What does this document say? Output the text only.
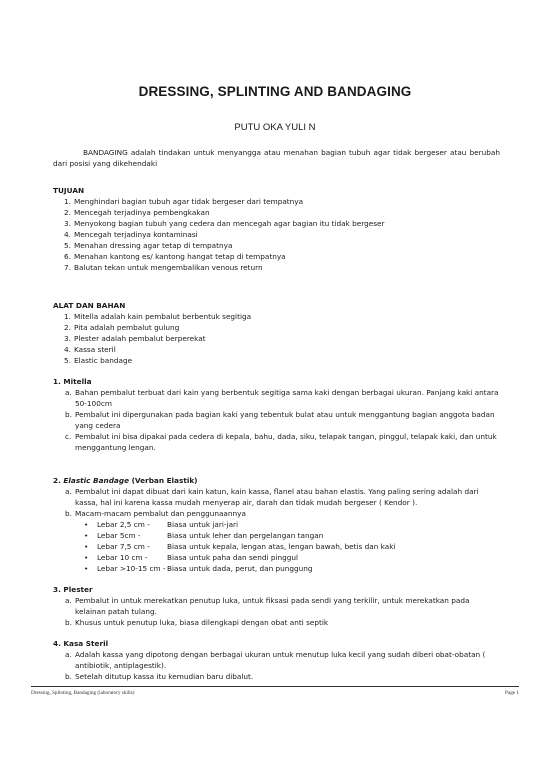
DRESSING, SPLINTING AND BANDAGING
PUTU OKA YULI N

BANDAGING adalah tindakan untuk menyangga atau menahan bagian tubuh agar tidak bergeser atau berubah dari posisi yang dikehendaki

TUJUAN

1. Menghindari bagian tubuh agar tidak bergeser dari tempatnya
2. Mencegah terjadinya pembengkakan
3. Menyokong bagian tubuh yang cedera dan mencegah agar bagian itu tidak bergeser
4. Mencegah terjadinya kontaminasi
5. Menahan dressing agar tetap di tempatnya
6. Menahan kantong es/ kantong hangat tetap di tempatnya
7. Balutan tekan untuk mengembalikan venous return

ALAT DAN BAHAN

1. Mitella adalah kain pembalut berbentuk segitiga
2. Pita adalah pembalut gulung
3. Plester adalah pembalut berperekat
4. Kassa steril
5. Elastic bandage

1. Mitella

a. Bahan pembalut terbuat dari kain yang berbentuk segitiga sama kaki dengan berbagai ukuran. Panjang kaki antara 50-100cm
b. Pembalut ini dipergunakan pada bagian kaki yang tebentuk bulat atau untuk menggantung bagian anggota badan yang cedera
c. Pembalut ini bisa dipakai pada cedera di kepala, bahu, dada, siku, telapak tangan, pinggul, telapak kaki, dan untuk menggantung lengan.

2. Elastic Bandage (Verban Elastik)

a. Pembalut ini dapat dibuat dari kain katun, kain kassa, flanel atau bahan elastis. Yang paling sering adalah dari kassa, hal ini karena kassa mudah menyerap air, darah dan tidak mudah bergeser ( Kendor ).
b. Macam-macam pembalut dan penggunaannya
• Lebar 2,5 cm - Biasa untuk jari-jari
• Lebar 5cm -	Biasa untuk leher dan pergelangan tangan
• Lebar 7,5 cm - Biasa untuk kepala, lengan atas, lengan bawah, betis dan kaki
• Lebar 10 cm -	Biasa untuk paha dan sendi pinggul
• Lebar >10-15 cm -Biasa untuk dada, perut, dan punggung

3. Plester

a. Pembalut in untuk merekatkan penutup luka, untuk fiksasi pada sendi yang terkilir, untuk merekatkan pada kelainan patah tulang.
b. Khusus untuk penutup luka, biasa dilengkapi dengan obat anti septik

4. Kasa Steril

a. Adalah kassa yang dipotong dengan berbagai ukuran untuk menutup luka kecil yang sudah diberi obat-obatan ( antibiotik, antiplagestik).
b. Setelah ditutup kassa itu kemudian baru dibalut.
Dressing, Splinting, Bandaging (laboratory skills)	Page 1
